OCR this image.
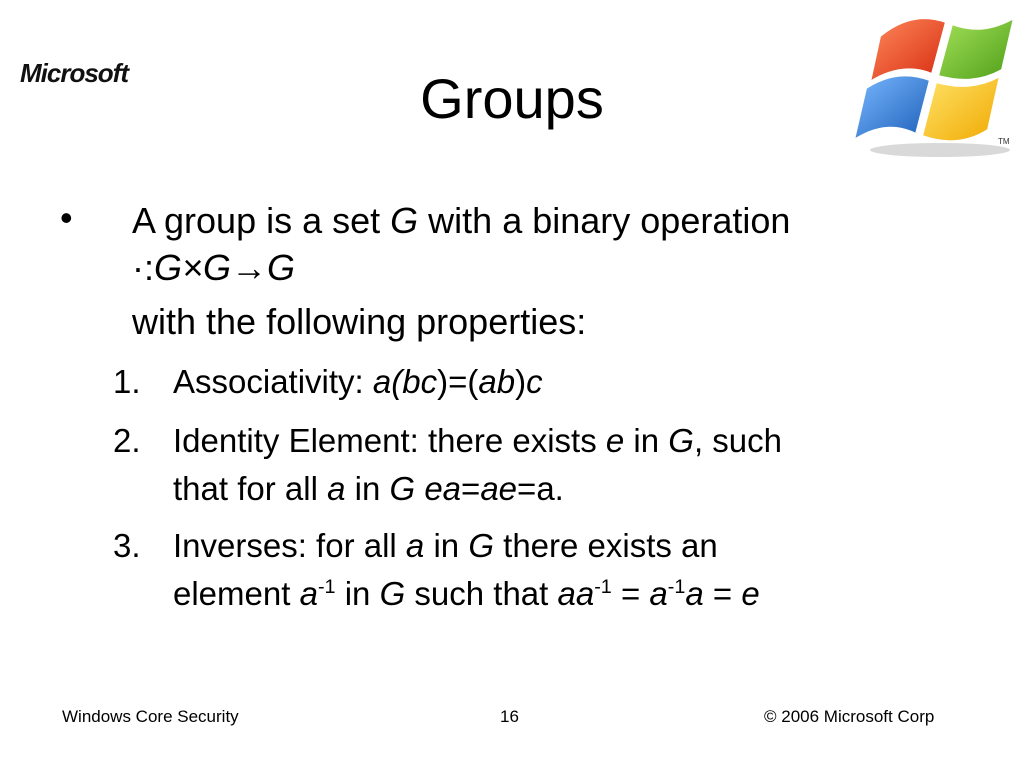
Microsoft
TM
Groups
• A group is a set G with a binary operation
·:G×G→G
with the following properties:
1. Associativity: a(bc)=(ab)c
2. Identity Element: there exists e in G, such
that for all a in G ea=ae=a.
3. Inverses: for all a in G there exists an
element $a^{-1}$ in G such that $aa^{-1} = a^{-1}a = e$
Windows Core Security	16	© 2006 Microsoft Corp
